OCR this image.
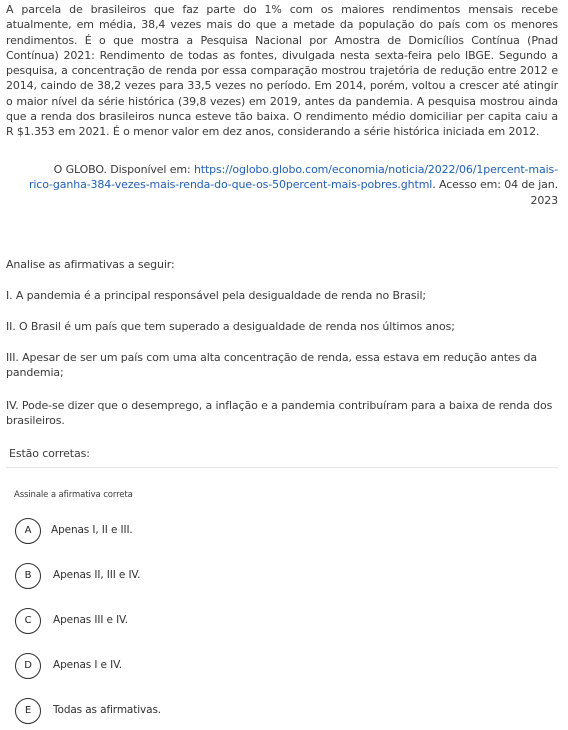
A parcela de brasileiros que faz parte do 1% com os maiores rendimentos mensais recebe atualmente, em média, 38,4 vezes mais do que a metade da população do país com os menores rendimentos. É o que mostra a Pesquisa Nacional por Amostra de Domicílios Contínua (Pnad Contínua) 2021: Rendimento de todas as fontes, divulgada nesta sexta-feira pelo IBGE. Segundo a pesquisa, a concentração de renda por essa comparação mostrou trajetória de redução entre 2012 e 2014, caindo de 38,2 vezes para 33,5 vezes no período. Em 2014, porém, voltou a crescer até atingir o maior nível da série histórica (39,8 vezes) em 2019, antes da pandemia. A pesquisa mostrou ainda que a renda dos brasileiros nunca esteve tão baixa. O rendimento médio domiciliar per capita caiu a R $1.353 em 2021. É o menor valor em dez anos, considerando a série histórica iniciada em 2012.

O GLOBO. Disponível em: https://oglobo.globo.com/economia/noticia/2022/06/1percent-mais-rico-ganha-384-vezes-mais-renda-do-que-os-50percent-mais-pobres.ghtml. Acesso em: 04 de jan. 2023

Analise as afirmativas a seguir:

I. A pandemia é a principal responsável pela desigualdade de renda no Brasil;

II. O Brasil é um país que tem superado a desigualdade de renda nos últimos anos;

III. Apesar de ser um país com uma alta concentração de renda, essa estava em redução antes da pandemia;

IV. Pode-se dizer que o desemprego, a inflação e a pandemia contribuíram para a baixa de renda dos brasileiros.

Estão corretas:

Assinale a afirmativa correta

A	Apenas I, II e III.
B	Apenas II, III e IV.
C	Apenas III e IV.
D	Apenas I e IV.
E	Todas as afirmativas.
